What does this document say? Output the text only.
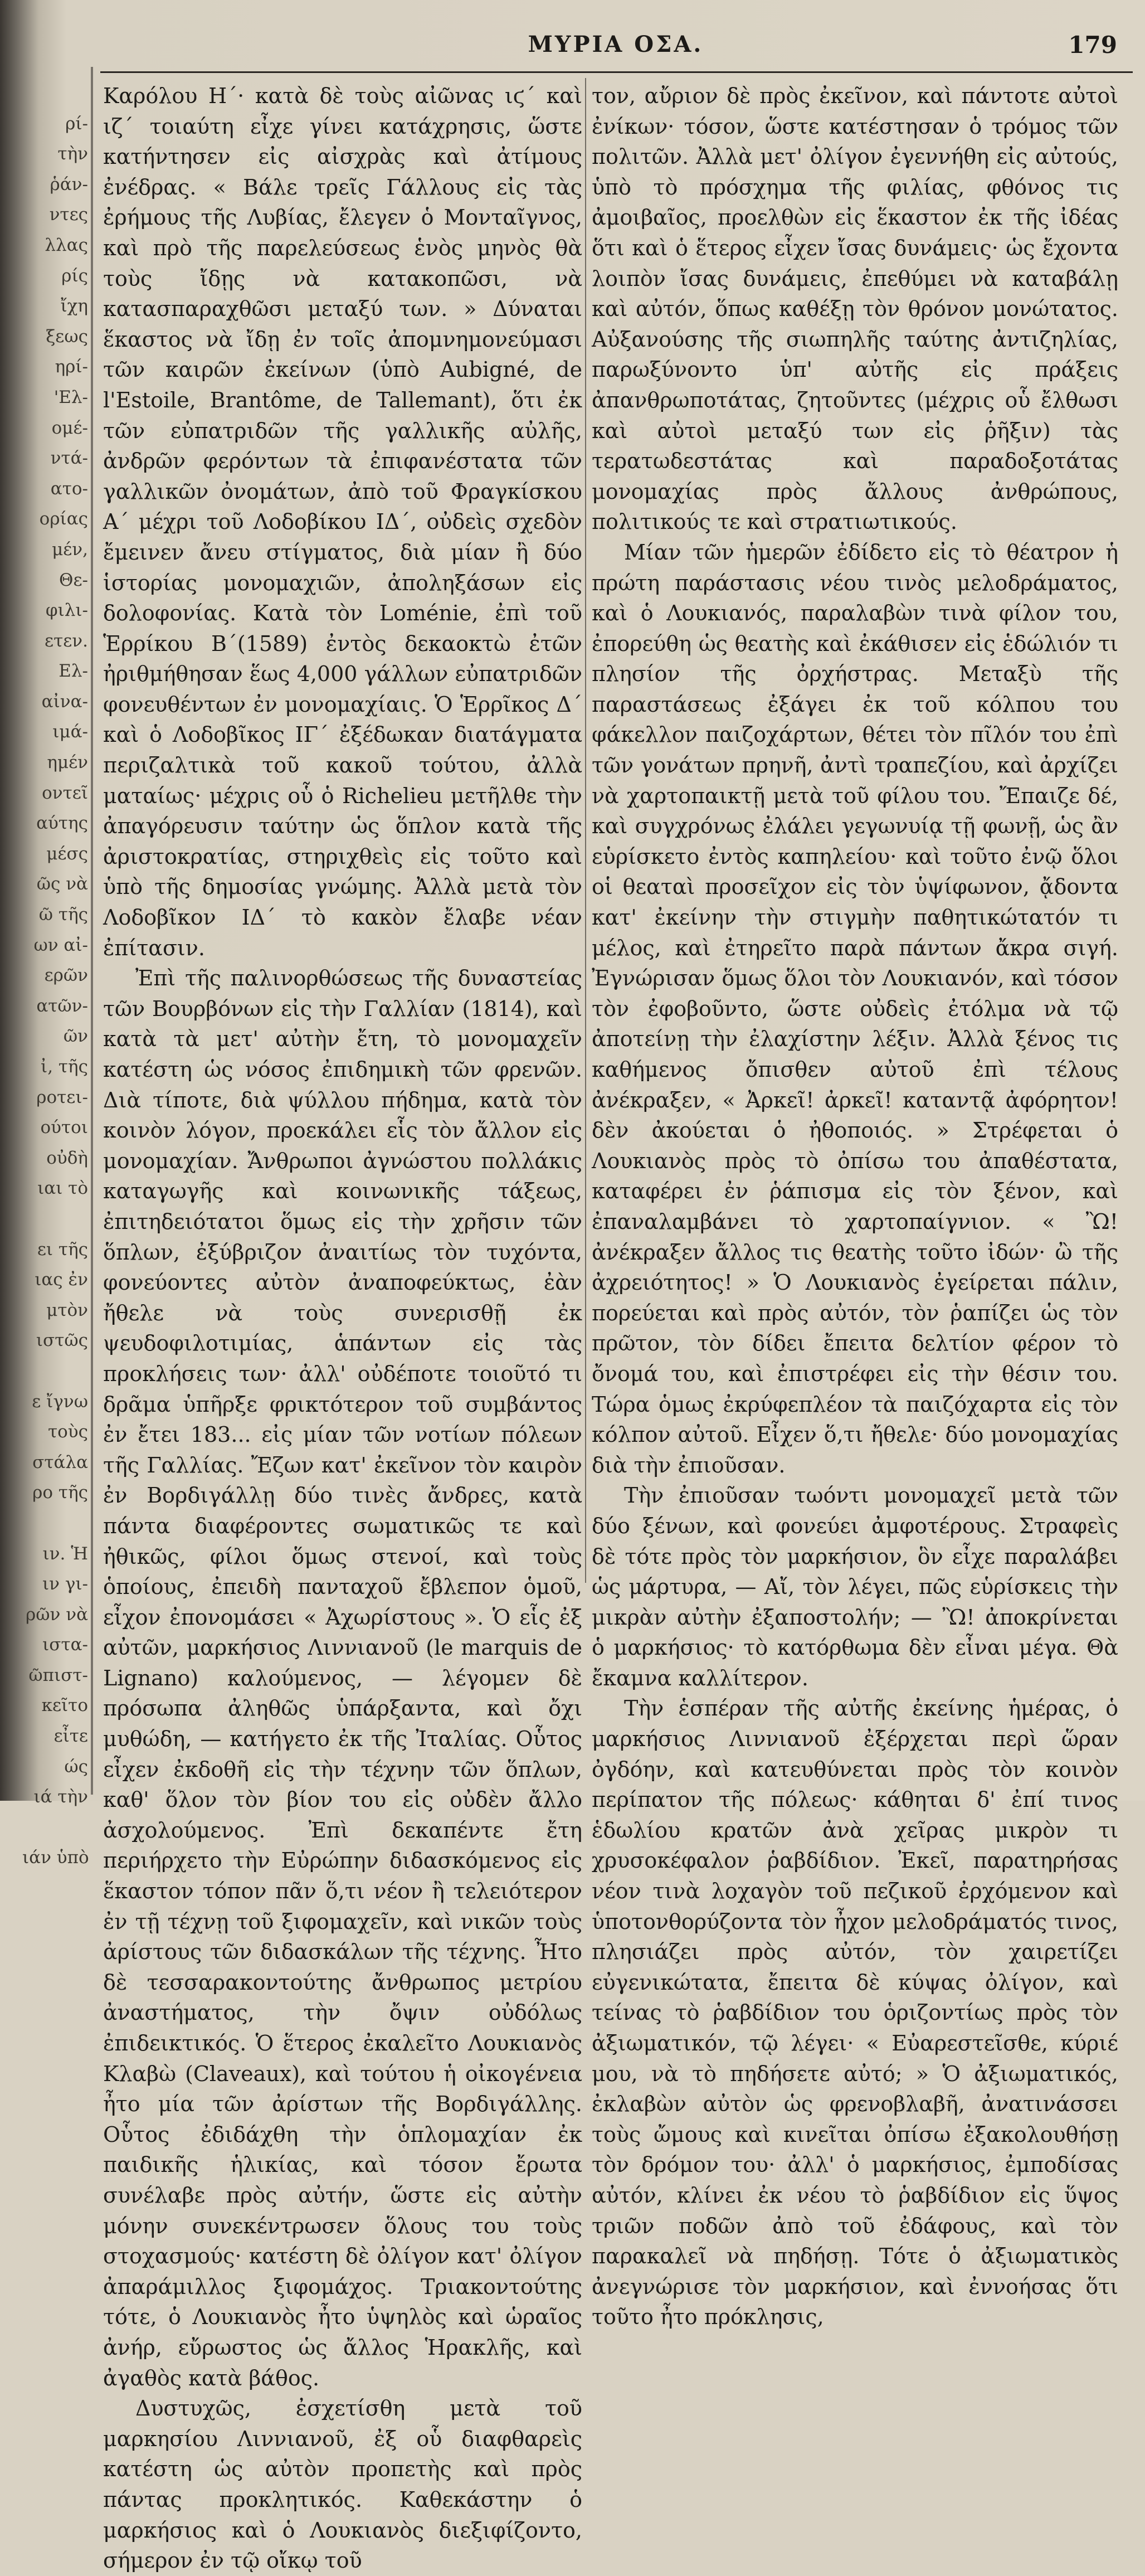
ρί-
τὴν
ῥάν-
ντες
λλας
ρίς
ἴχη
ξεως
ηρί-
'Ελ-
ομέ-
ντά-
ατο-
ορίας
μέν,
Θε-
φιλι-
ετεν.
Ελ-
αἰνα-
ιμά-
ημέν
οντεῖ
αύτης
μέσς
ῶς νὰ
ῶ τῆς
ων αἰ-
ερῶν
ατῶν-
ῶν
ἰ, τῆς
ροτει-
ούτοι
οὐδὴ
ιαι τὸ
ει τῆς
ιας ἐν
μτὸν
ιστῶς
ε ἴγνω
τοὺς
στάλα
ρο τῆς
ιν. Ἡ
ιν γι-
ρῶν νὰ
ιστα-
ῶπιστ-
κεῖτο
εἶτε
ώς
ιά τὴν
ιάν ὑπὸ
ΜΥΡΙΑ ΟΣΑ.	179

Καρόλου Η΄· κατὰ δὲ τοὺς αἰῶνας ιϛ΄ καὶ ιζ΄ τοιαύτη εἶχε γίνει κατάχρησις, ὥστε κατήντησεν εἰς αἰσχρὰς καὶ ἀτίμους ἐνέδρας. « Βάλε τρεῖς Γάλλους εἰς τὰς ἐρήμους τῆς Λυβίας, ἔλεγεν ὁ Μονταῖγνος, καὶ πρὸ τῆς παρελεύσεως ἑνὸς μηνὸς θὰ τοὺς ἴδῃς νὰ κατακοπῶσι, νὰ κατασπαραχθῶσι μεταξύ των. » Δύναται ἕκαστος νὰ ἴδῃ ἐν τοῖς ἀπομνημονεύμασι τῶν καιρῶν ἐκείνων (ὑπὸ Aubigné, de l'Estoile, Brantôme, de Tallemant), ὅτι ἐκ τῶν εὐπατριδῶν τῆς γαλλικῆς αὐλῆς, ἀνδρῶν φερόντων τὰ ἐπιφανέστατα τῶν γαλλικῶν ὀνομάτων, ἀπὸ τοῦ Φραγκίσκου Α΄ μέχρι τοῦ Λοδοβίκου ΙΔ΄, οὐδεὶς σχεδὸν ἔμεινεν ἄνευ στίγματος, διὰ μίαν ἢ δύο ἱστορίας μονομαχιῶν, ἀποληξάσων εἰς δολοφονίας. Κατὰ τὸν Loménie, ἐπὶ τοῦ Ἑρρίκου Β΄(1589) ἐντὸς δεκαοκτὼ ἐτῶν ἠριθμήθησαν ἕως 4,000 γάλλων εὐπατριδῶν φονευθέντων ἐν μονομαχίαις. Ὁ Ἑρρῖκος Δ΄ καὶ ὁ Λοδοβῖκος ΙΓ΄ ἐξέδωκαν διατάγματα περιζαλτικὰ τοῦ κακοῦ τούτου, ἀλλὰ ματαίως· μέχρις οὗ ὁ Richelieu μετῆλθε τὴν ἀπαγόρευσιν ταύτην ὡς ὅπλον κατὰ τῆς ἀριστοκρατίας, στηριχθεὶς εἰς τοῦτο καὶ ὑπὸ τῆς δημοσίας γνώμης. Ἀλλὰ μετὰ τὸν Λοδοβῖκον ΙΔ΄ τὸ κακὸν ἔλαβε νέαν ἐπίτασιν.

Ἐπὶ τῆς παλινορθώσεως τῆς δυναστείας τῶν Βουρβόνων εἰς τὴν Γαλλίαν (1814), καὶ κατὰ τὰ μετ' αὐτὴν ἔτη, τὸ μονομαχεῖν κατέστη ὡς νόσος ἐπιδημικὴ τῶν φρενῶν. Διὰ τίποτε, διὰ ψύλλου πήδημα, κατὰ τὸν κοινὸν λόγον, προεκάλει εἷς τὸν ἄλλον εἰς μονομαχίαν. Ἄνθρωποι ἀγνώστου πολλάκις καταγωγῆς καὶ κοινωνικῆς τάξεως, ἐπιτηδειότατοι ὅμως εἰς τὴν χρῆσιν τῶν ὅπλων, ἐξύβριζον ἀναιτίως τὸν τυχόντα, φονεύοντες αὐτὸν ἀναποφεύκτως, ἐὰν ἤθελε νὰ τοὺς συνερισθῇ ἐκ ψευδοφιλοτιμίας, ἁπάντων εἰς τὰς προκλήσεις των· ἀλλ' οὐδέποτε τοιοῦτό τι δρᾶμα ὑπῆρξε φρικτότερον τοῦ συμβάντος ἐν ἔτει 183... εἰς μίαν τῶν νοτίων πόλεων τῆς Γαλλίας. Ἔζων κατ' ἐκεῖνον τὸν καιρὸν ἐν Βορδιγάλλῃ δύο τινὲς ἄνδρες, κατὰ πάντα διαφέροντες σωματικῶς τε καὶ ἠθικῶς, φίλοι ὅμως στενοί, καὶ τοὺς ὁποίους, ἐπειδὴ πανταχοῦ ἔβλεπον ὁμοῦ, εἶχον ἐπονομάσει « Ἀχωρίστους ». Ὁ εἷς ἐξ αὐτῶν, μαρκήσιος Λιννιανοῦ (le marquis de Lignano) καλούμενος, — λέγομεν δὲ πρόσωπα ἀληθῶς ὑπάρξαντα, καὶ ὄχι μυθώδη, — κατήγετο ἐκ τῆς Ἰταλίας. Οὗτος εἶχεν ἐκδοθῆ εἰς τὴν τέχνην τῶν ὅπλων, καθ' ὅλον τὸν βίον του εἰς οὐδὲν ἄλλο ἀσχολούμενος. Ἐπὶ δεκαπέντε ἔτη περιήρχετο τὴν Εὐρώπην διδασκόμενος εἰς ἕκαστον τόπον πᾶν ὅ,τι νέον ἢ τελειότερον ἐν τῇ τέχνῃ τοῦ ξιφομαχεῖν, καὶ νικῶν τοὺς ἀρίστους τῶν διδασκάλων τῆς τέχνης. Ἦτο δὲ τεσσαρακοντούτης ἄνθρωπος μετρίου ἀναστήματος, τὴν ὄψιν οὐδόλως ἐπιδεικτικός. Ὁ ἕτερος ἐκαλεῖτο Λουκιανὸς Κλαβὼ (Claveaux), καὶ τούτου ἡ οἰκογένεια ἦτο μία τῶν ἀρίστων τῆς Βορδιγάλλης. Οὗτος ἐδιδάχθη τὴν ὁπλομαχίαν ἐκ παιδικῆς ἡλικίας, καὶ τόσον ἔρωτα συνέλαβε πρὸς αὐτήν, ὥστε εἰς αὐτὴν μόνην συνεκέντρωσεν ὅλους του τοὺς στοχασμούς· κατέστη δὲ ὀλίγον κατ' ὀλίγον ἀπαράμιλλος ξιφομάχος. Τριακοντούτης τότε, ὁ Λουκιανὸς ἦτο ὑψηλὸς καὶ ὡραῖος ἀνήρ, εὔρωστος ὡς ἄλλος Ἡρακλῆς, καὶ ἀγαθὸς κατὰ βάθος.

Δυστυχῶς, ἐσχετίσθη μετὰ τοῦ μαρκησίου Λιννιανοῦ, ἐξ οὗ διαφθαρεὶς κατέστη ὡς αὐτὸν προπετὴς καὶ πρὸς πάντας προκλητικός. Καθεκάστην ὁ μαρκήσιος καὶ ὁ Λουκιανὸς διεξιφίζοντο, σήμερον ἐν τῷ οἴκῳ τοῦ

τον, αὔριον δὲ πρὸς ἐκεῖνον, καὶ πάντοτε αὐτοὶ ἐνίκων· τόσον, ὥστε κατέστησαν ὁ τρόμος τῶν πολιτῶν. Ἀλλὰ μετ' ὀλίγον ἐγεννήθη εἰς αὐτούς, ὑπὸ τὸ πρόσχημα τῆς φιλίας, φθόνος τις ἀμοιβαῖος, προελθὼν εἰς ἕκαστον ἐκ τῆς ἰδέας ὅτι καὶ ὁ ἕτερος εἶχεν ἴσας δυνάμεις· ὡς ἔχοντα λοιπὸν ἴσας δυνάμεις, ἐπεθύμει νὰ καταβάλῃ καὶ αὐτόν, ὅπως καθέξῃ τὸν θρόνον μονώτατος. Αὐξανούσης τῆς σιωπηλῆς ταύτης ἀντιζηλίας, παρωξύνοντο ὑπ' αὐτῆς εἰς πράξεις ἀπανθρωποτάτας, ζητοῦντες (μέχρις οὗ ἔλθωσι καὶ αὐτοὶ μεταξύ των εἰς ῥῆξιν) τὰς τερατωδεστάτας καὶ παραδοξοτάτας μονομαχίας πρὸς ἄλλους ἀνθρώπους, πολιτικούς τε καὶ στρατιωτικούς.

Μίαν τῶν ἡμερῶν ἐδίδετο εἰς τὸ θέατρον ἡ πρώτη παράστασις νέου τινὸς μελοδράματος, καὶ ὁ Λουκιανός, παραλαβὼν τινὰ φίλον του, ἐπορεύθη ὡς θεατὴς καὶ ἐκάθισεν εἰς ἑδώλιόν τι πλησίον τῆς ὀρχήστρας. Μεταξὺ τῆς παραστάσεως ἐξάγει ἐκ τοῦ κόλπου του φάκελλον παιζοχάρτων, θέτει τὸν πῖλόν του ἐπὶ τῶν γονάτων πρηνῆ, ἀντὶ τραπεζίου, καὶ ἀρχίζει νὰ χαρτοπαικτῇ μετὰ τοῦ φίλου του. Ἔπαιζε δέ, καὶ συγχρόνως ἐλάλει γεγωνυίᾳ τῇ φωνῇ, ὡς ἂν εὑρίσκετο ἐντὸς καπηλείου· καὶ τοῦτο ἐνῷ ὅλοι οἱ θεαταὶ προσεῖχον εἰς τὸν ὑψίφωνον, ᾄδοντα κατ' ἐκείνην τὴν στιγμὴν παθητικώτατόν τι μέλος, καὶ ἐτηρεῖτο παρὰ πάντων ἄκρα σιγή. Ἐγνώρισαν ὅμως ὅλοι τὸν Λουκιανόν, καὶ τόσον τὸν ἐφοβοῦντο, ὥστε οὐδεὶς ἐτόλμα νὰ τῷ ἀποτείνῃ τὴν ἐλαχίστην λέξιν. Ἀλλὰ ξένος τις καθήμενος ὄπισθεν αὐτοῦ ἐπὶ τέλους ἀνέκραξεν, « Ἀρκεῖ! ἀρκεῖ! καταντᾷ ἀφόρητον! δὲν ἀκούεται ὁ ἠθοποιός. » Στρέφεται ὁ Λουκιανὸς πρὸς τὸ ὀπίσω του ἀπαθέστατα, καταφέρει ἐν ῥάπισμα εἰς τὸν ξένον, καὶ ἐπαναλαμβάνει τὸ χαρτοπαίγνιον. « Ὢ! ἀνέκραξεν ἄλλος τις θεατὴς τοῦτο ἰδών· ὢ τῆς ἀχρειότητος! » Ὁ Λουκιανὸς ἐγείρεται πάλιν, πορεύεται καὶ πρὸς αὐτόν, τὸν ῥαπίζει ὡς τὸν πρῶτον, τὸν δίδει ἔπειτα δελτίον φέρον τὸ ὄνομά του, καὶ ἐπιστρέφει εἰς τὴν θέσιν του. Τώρα ὁμως ἐκρύφεπλέον τὰ παιζόχαρτα εἰς τὸν κόλπον αὐτοῦ. Εἶχεν ὅ,τι ἤθελε· δύο μονομαχίας διὰ τὴν ἐπιοῦσαν.

Τὴν ἐπιοῦσαν τωόντι μονομαχεῖ μετὰ τῶν δύο ξένων, καὶ φονεύει ἀμφοτέρους. Στραφεὶς δὲ τότε πρὸς τὸν μαρκήσιον, ὃν εἶχε παραλάβει ὡς μάρτυρα, — Αἴ, τὸν λέγει, πῶς εὑρίσκεις τὴν μικρὰν αὐτὴν ἐξαποστολήν; — Ὢ! ἀποκρίνεται ὁ μαρκήσιος· τὸ κατόρθωμα δὲν εἶναι μέγα. Θὰ ἔκαμνα καλλίτερον.

Τὴν ἑσπέραν τῆς αὐτῆς ἐκείνης ἡμέρας, ὁ μαρκήσιος Λιννιανοῦ ἐξέρχεται περὶ ὥραν ὀγδόην, καὶ κατευθύνεται πρὸς τὸν κοινὸν περίπατον τῆς πόλεως· κάθηται δ' ἐπί τινος ἑδωλίου κρατῶν ἀνὰ χεῖρας μικρὸν τι χρυσοκέφαλον ῥαβδίδιον. Ἐκεῖ, παρατηρήσας νέον τινὰ λοχαγὸν τοῦ πεζικοῦ ἐρχόμενον καὶ ὑποτονθορύζοντα τὸν ἦχον μελοδράματός τινος, πλησιάζει πρὸς αὐτόν, τὸν χαιρετίζει εὐγενικώτατα, ἔπειτα δὲ κύψας ὀλίγον, καὶ τείνας τὸ ῥαβδίδιον του ὁριζοντίως πρὸς τὸν ἀξιωματικόν, τῷ λέγει· « Εὐαρεστεῖσθε, κύριέ μου, νὰ τὸ πηδήσετε αὐτό; » Ὁ ἀξιωματικός, ἐκλαβὼν αὐτὸν ὡς φρενοβλαβῆ, ἀνατινάσσει τοὺς ὤμους καὶ κινεῖται ὀπίσω ἐξακολουθήσῃ τὸν δρόμον του· ἀλλ' ὁ μαρκήσιος, ἐμποδίσας αὐτόν, κλίνει ἐκ νέου τὸ ῥαβδίδιον εἰς ὕψος τριῶν ποδῶν ἀπὸ τοῦ ἐδάφους, καὶ τὸν παρακαλεῖ νὰ πηδήσῃ. Τότε ὁ ἀξιωματικὸς ἀνεγνώρισε τὸν μαρκήσιον, καὶ ἐννοήσας ὅτι τοῦτο ἦτο πρόκλησις,
